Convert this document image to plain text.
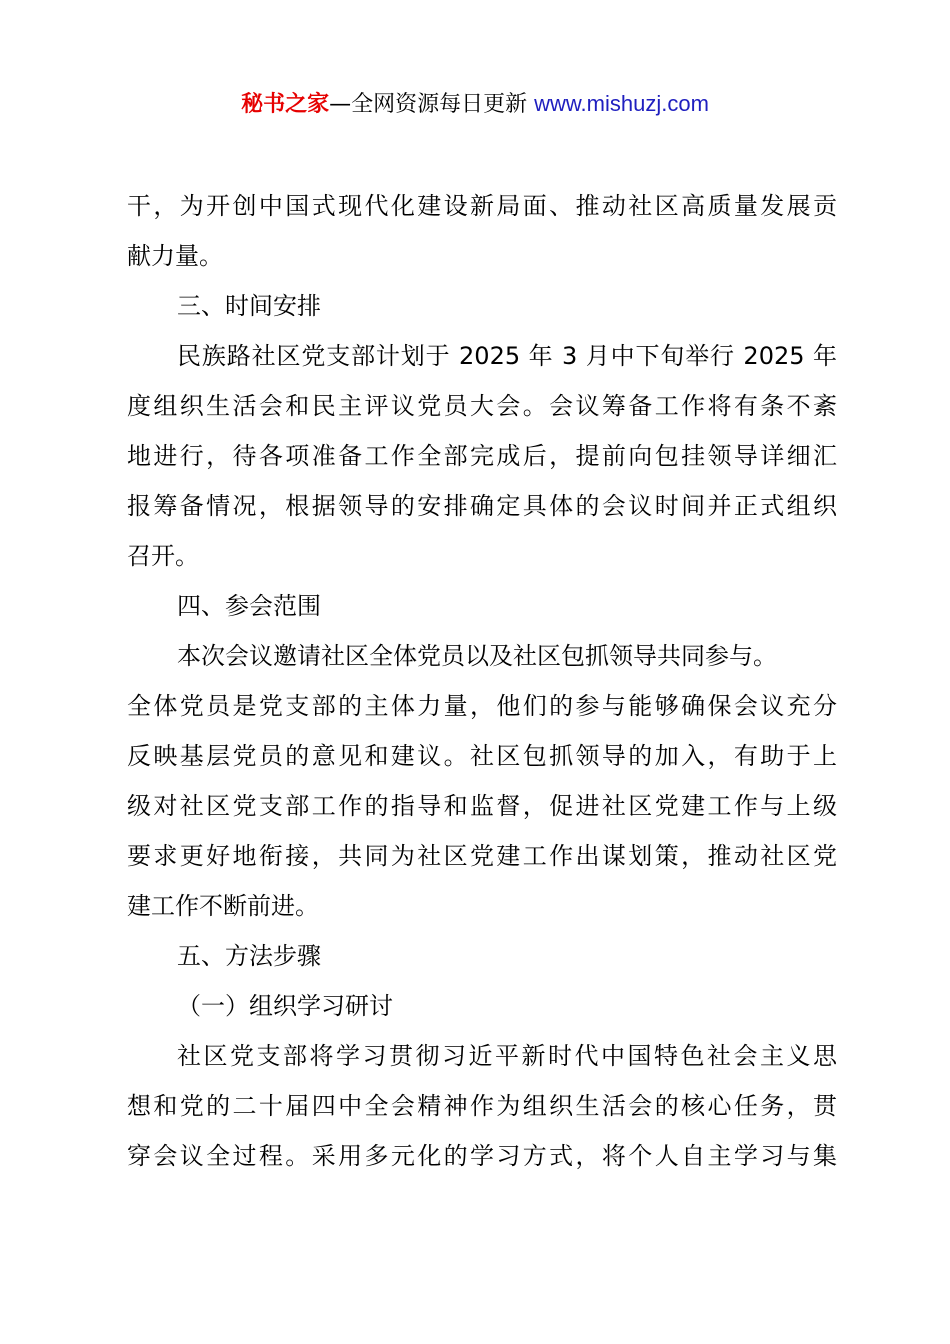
秘书之家—全网资源每日更新 www.mishuzj.com
干，为开创中国式现代化建设新局面、推动社区高质量发展贡
献力量。
三、时间安排
民族路社区党支部计划于 2025 年 3 月中下旬举行 2025 年
度组织生活会和民主评议党员大会。会议筹备工作将有条不紊
地进行，待各项准备工作全部完成后，提前向包挂领导详细汇
报筹备情况，根据领导的安排确定具体的会议时间并正式组织
召开。
四、参会范围
本次会议邀请社区全体党员以及社区包抓领导共同参与。
全体党员是党支部的主体力量，他们的参与能够确保会议充分
反映基层党员的意见和建议。社区包抓领导的加入，有助于上
级对社区党支部工作的指导和监督，促进社区党建工作与上级
要求更好地衔接，共同为社区党建工作出谋划策，推动社区党
建工作不断前进。
五、方法步骤
（一）组织学习研讨
社区党支部将学习贯彻习近平新时代中国特色社会主义思
想和党的二十届四中全会精神作为组织生活会的核心任务，贯
穿会议全过程。采用多元化的学习方式，将个人自主学习与集
